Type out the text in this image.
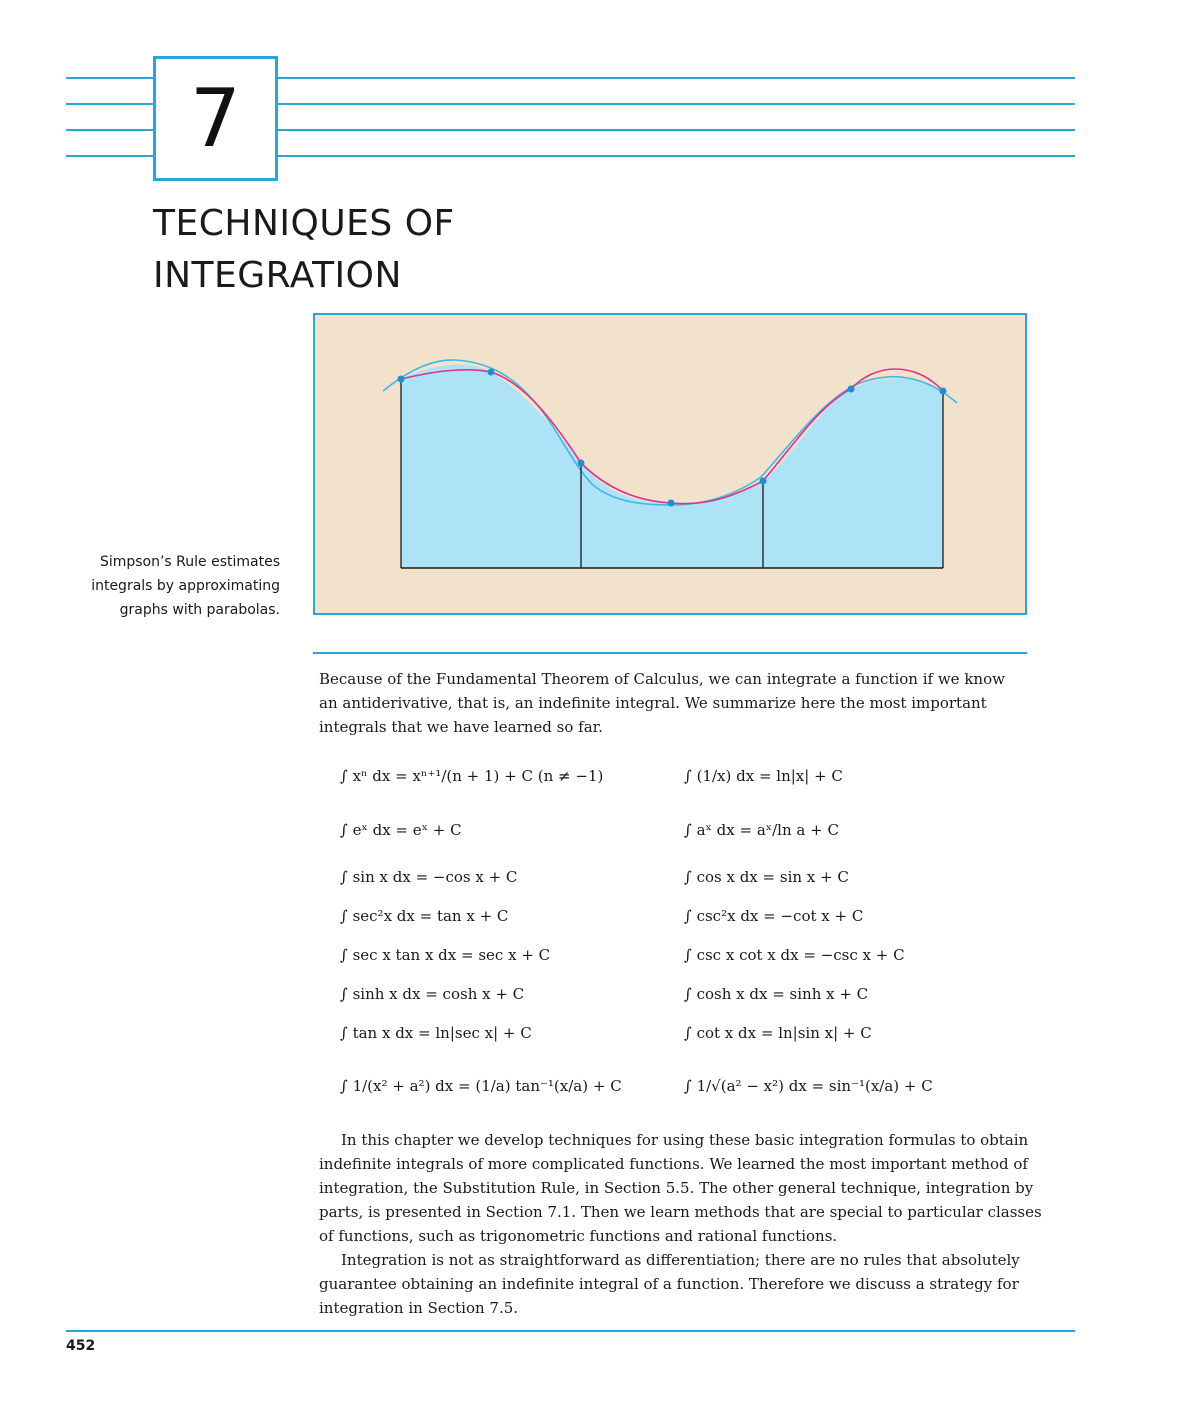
7
TECHNIQUES OF
INTEGRATION
Simpson’s Rule estimates
integrals by approximating
graphs with parabolas.
Because of the Fundamental Theorem of Calculus, we can integrate a function if we know
an antiderivative, that is, an indefinite integral. We summarize here the most important
integrals that we have learned so far.
∫ xⁿ dx = xⁿ⁺¹/(n + 1) + C (n ≠ −1)	∫ (1/x) dx = ln|x| + C
∫ eˣ dx = eˣ + C	∫ aˣ dx = aˣ/ln a + C
∫ sin x dx = −cos x + C	∫ cos x dx = sin x + C
∫ sec²x dx = tan x + C	∫ csc²x dx = −cot x + C
∫ sec x tan x dx = sec x + C	∫ csc x cot x dx = −csc x + C
∫ sinh x dx = cosh x + C	∫ cosh x dx = sinh x + C
∫ tan x dx = ln|sec x| + C	∫ cot x dx = ln|sin x| + C
∫ 1/(x² + a²) dx = (1/a) tan⁻¹(x/a) + C	∫ 1/√(a² − x²) dx = sin⁻¹(x/a) + C
In this chapter we develop techniques for using these basic integration formulas to obtain
indefinite integrals of more complicated functions. We learned the most important method of
integration, the Substitution Rule, in Section 5.5. The other general technique, integration by
parts, is presented in Section 7.1. Then we learn methods that are special to particular classes
of functions, such as trigonometric functions and rational functions.
Integration is not as straightforward as differentiation; there are no rules that absolutely
guarantee obtaining an indefinite integral of a function. Therefore we discuss a strategy for
integration in Section 7.5.
452
